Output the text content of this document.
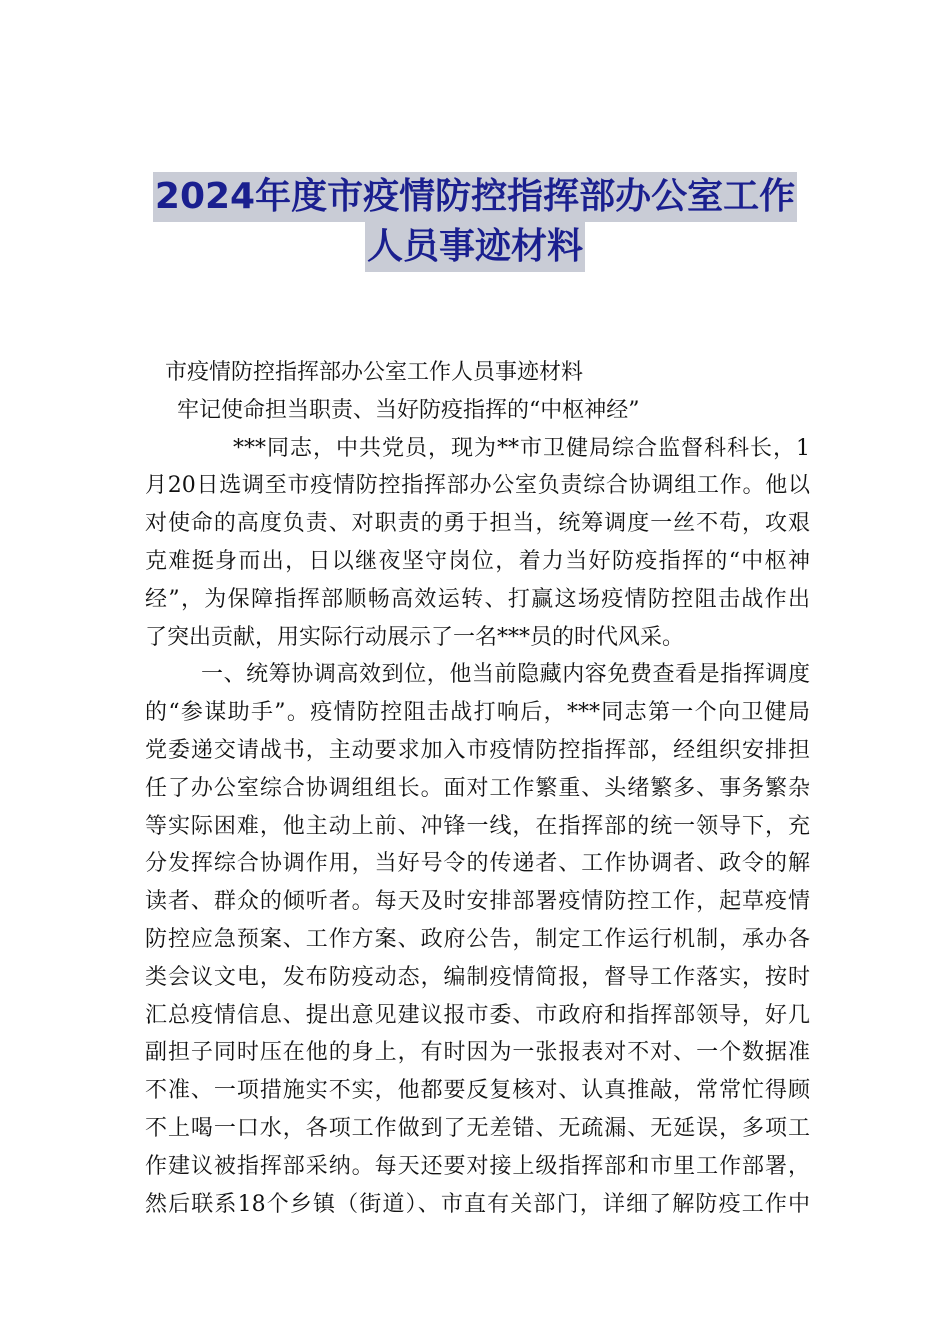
2024年度市疫情防控指挥部办公室工作
人员事迹材料

市疫情防控指挥部办公室工作人员事迹材料

牢记使命担当职责、当好防疫指挥的“中枢神经”

***同志，中共党员，现为**市卫健局综合监督科科长，1
月20日选调至市疫情防控指挥部办公室负责综合协调组工作。他以
对使命的高度负责、对职责的勇于担当，统筹调度一丝不苟，攻艰
克难挺身而出，日以继夜坚守岗位，着力当好防疫指挥的“中枢神
经”，为保障指挥部顺畅高效运转、打赢这场疫情防控阻击战作出
了突出贡献，用实际行动展示了一名***员的时代风采。

一、统筹协调高效到位，他当前隐藏内容免费查看是指挥调度
的“参谋助手”。疫情防控阻击战打响后，***同志第一个向卫健局
党委递交请战书，主动要求加入市疫情防控指挥部，经组织安排担
任了办公室综合协调组组长。面对工作繁重、头绪繁多、事务繁杂
等实际困难，他主动上前、冲锋一线，在指挥部的统一领导下，充
分发挥综合协调作用，当好号令的传递者、工作协调者、政令的解
读者、群众的倾听者。每天及时安排部署疫情防控工作，起草疫情
防控应急预案、工作方案、政府公告，制定工作运行机制，承办各
类会议文电，发布防疫动态，编制疫情简报，督导工作落实，按时
汇总疫情信息、提出意见建议报市委、市政府和指挥部领导，好几
副担子同时压在他的身上，有时因为一张报表对不对、一个数据准
不准、一项措施实不实，他都要反复核对、认真推敲，常常忙得顾
不上喝一口水，各项工作做到了无差错、无疏漏、无延误，多项工
作建议被指挥部采纳。每天还要对接上级指挥部和市里工作部署，
然后联系18个乡镇（街道）、市直有关部门，详细了解防疫工作中
